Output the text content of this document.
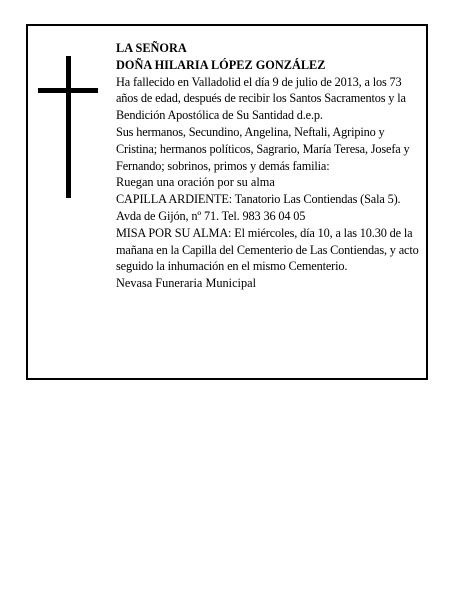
LA SEÑORA

DOÑA HILARIA LÓPEZ GONZÁLEZ

Ha fallecido en Valladolid el día 9 de julio de 2013, a los 73 años de edad, después de recibir los Santos Sacramentos y la Bendición Apostólica de Su Santidad d.e.p.

Sus hermanos, Secundino, Angelina, Neftali, Agripino y Cristina; hermanos políticos, Sagrario, María Teresa, Josefa y Fernando; sobrinos, primos y demás familia:

Ruegan una oración por su alma

CAPILLA ARDIENTE: Tanatorio Las Contiendas (Sala 5). Avda de Gijón, nº 71. Tel. 983 36 04 05

MISA POR SU ALMA: El miércoles, día 10, a las 10.30 de la mañana en la Capilla del Cementerio de Las Contiendas, y acto seguido la inhumación en el mismo Cementerio.

Nevasa Funeraria Municipal
